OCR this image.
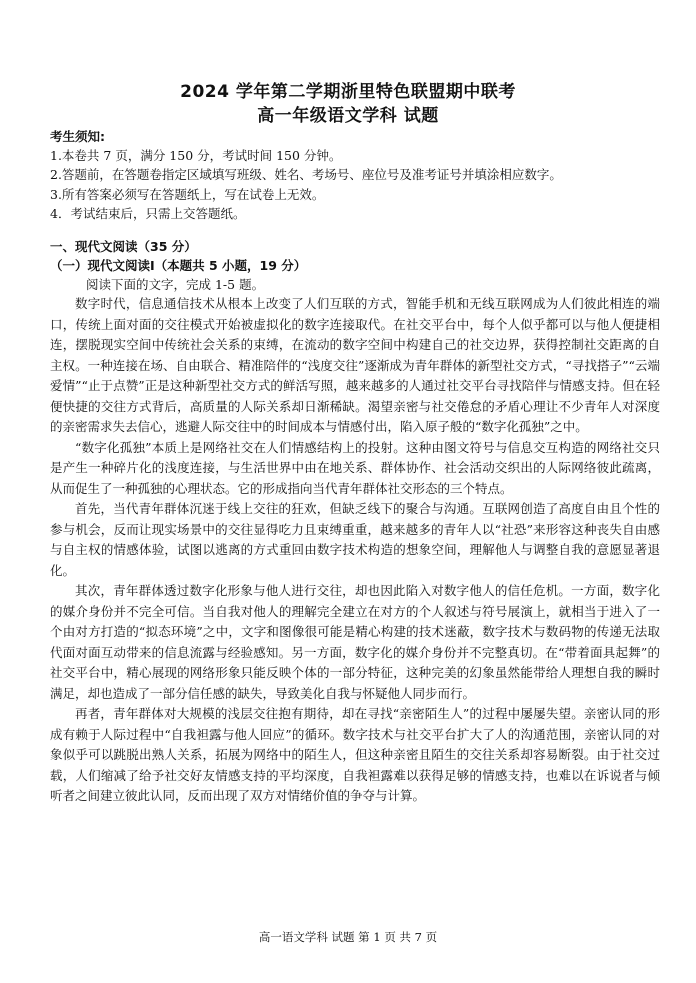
2024 学年第二学期浙里特色联盟期中联考
高一年级语文学科 试题
考生须知:
1.本卷共 7 页，满分 150 分，考试时间 150 分钟。
2.答题前，在答题卷指定区域填写班级、姓名、考场号、座位号及准考证号并填涂相应数字。
3.所有答案必须写在答题纸上，写在试卷上无效。
4．考试结束后，只需上交答题纸。
一、现代文阅读（35 分）
（一）现代文阅读Ⅰ（本题共 5 小题，19 分）
阅读下面的文字，完成 1-5 题。

数字时代，信息通信技术从根本上改变了人们互联的方式，智能手机和无线互联网成为人们彼此相连的端口，传统上面对面的交往模式开始被虚拟化的数字连接取代。在社交平台中，每个人似乎都可以与他人便捷相连，摆脱现实空间中传统社会关系的束缚，在流动的数字空间中构建自己的社交边界，获得控制社交距离的自主权。一种连接在场、自由联合、精准陪伴的“浅度交往”逐渐成为青年群体的新型社交方式，“寻找搭子”“云端爱情”“止于点赞”正是这种新型社交方式的鲜活写照，越来越多的人通过社交平台寻找陪伴与情感支持。但在轻便快捷的交往方式背后，高质量的人际关系却日渐稀缺。渴望亲密与社交倦怠的矛盾心理让不少青年人对深度的亲密需求失去信心，逃避人际交往中的时间成本与情感付出，陷入原子般的“数字化孤独”之中。

“数字化孤独”本质上是网络社交在人们情感结构上的投射。这种由图文符号与信息交互构造的网络社交只是产生一种碎片化的浅度连接，与生活世界中由在地关系、群体协作、社会活动交织出的人际网络彼此疏离，从而促生了一种孤独的心理状态。它的形成指向当代青年群体社交形态的三个特点。

首先，当代青年群体沉迷于线上交往的狂欢，但缺乏线下的聚合与沟通。互联网创造了高度自由且个性的参与机会，反而让现实场景中的交往显得吃力且束缚重重，越来越多的青年人以“社恐”来形容这种丧失自由感与自主权的情感体验，试图以逃离的方式重回由数字技术构造的想象空间，理解他人与调整自我的意愿显著退化。

其次，青年群体透过数字化形象与他人进行交往，却也因此陷入对数字他人的信任危机。一方面，数字化的媒介身份并不完全可信。当自我对他人的理解完全建立在对方的个人叙述与符号展演上，就相当于进入了一个由对方打造的“拟态环境”之中，文字和图像很可能是精心构建的技术迷蔽，数字技术与数码物的传递无法取代面对面互动带来的信息流露与经验感知。另一方面，数字化的媒介身份并不完整真切。在“带着面具起舞”的社交平台中，精心展现的网络形象只能反映个体的一部分特征，这种完美的幻象虽然能带给人理想自我的瞬时满足，却也造成了一部分信任感的缺失，导致美化自我与怀疑他人同步而行。

再者，青年群体对大规模的浅层交往抱有期待，却在寻找“亲密陌生人”的过程中屡屡失望。亲密认同的形成有赖于人际过程中“自我袒露与他人回应”的循环。数字技术与社交平台扩大了人的沟通范围，亲密认同的对象似乎可以跳脱出熟人关系，拓展为网络中的陌生人，但这种亲密且陌生的交往关系却容易断裂。由于社交过载，人们缩减了给予社交好友情感支持的平均深度，自我袒露难以获得足够的情感支持，也难以在诉说者与倾听者之间建立彼此认同，反而出现了双方对情绪价值的争夺与计算。

高一语文学科 试题 第 1 页 共 7 页
